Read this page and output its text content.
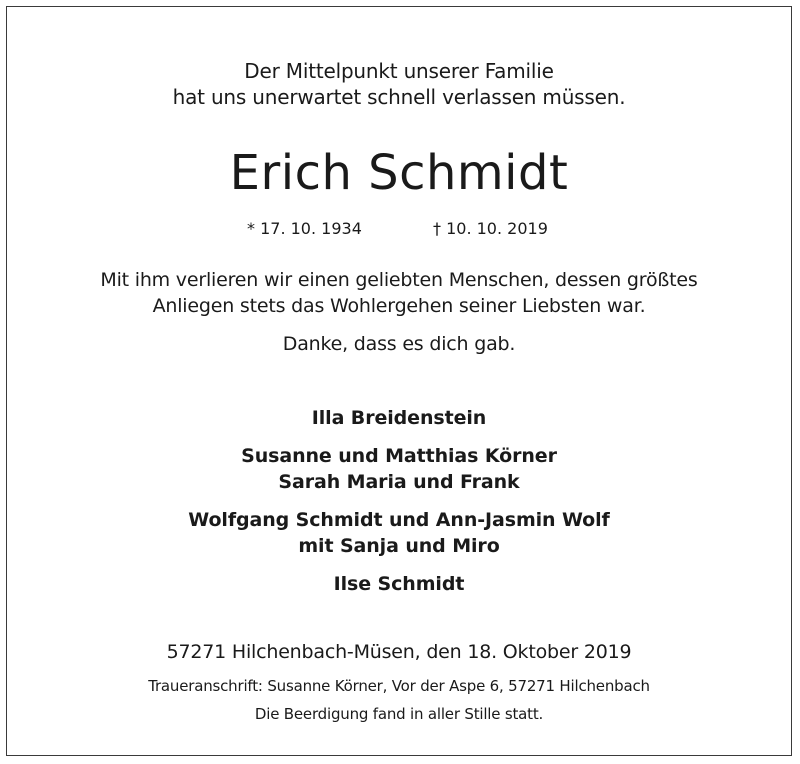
Der Mittelpunkt unserer Familie

hat uns unerwartet schnell verlassen müssen.

Erich Schmidt
* 17. 10. 1934	† 10. 10. 2019

Mit ihm verlieren wir einen geliebten Menschen, dessen größtes

Anliegen stets das Wohlergehen seiner Liebsten war.

Danke, dass es dich gab.

Illa Breidenstein

Susanne und Matthias Körner

Sarah Maria und Frank

Wolfgang Schmidt und Ann-Jasmin Wolf

mit Sanja und Miro

Ilse Schmidt

57271 Hilchenbach-Müsen, den 18. Oktober 2019

Traueranschrift: Susanne Körner, Vor der Aspe 6, 57271 Hilchenbach

Die Beerdigung fand in aller Stille statt.
